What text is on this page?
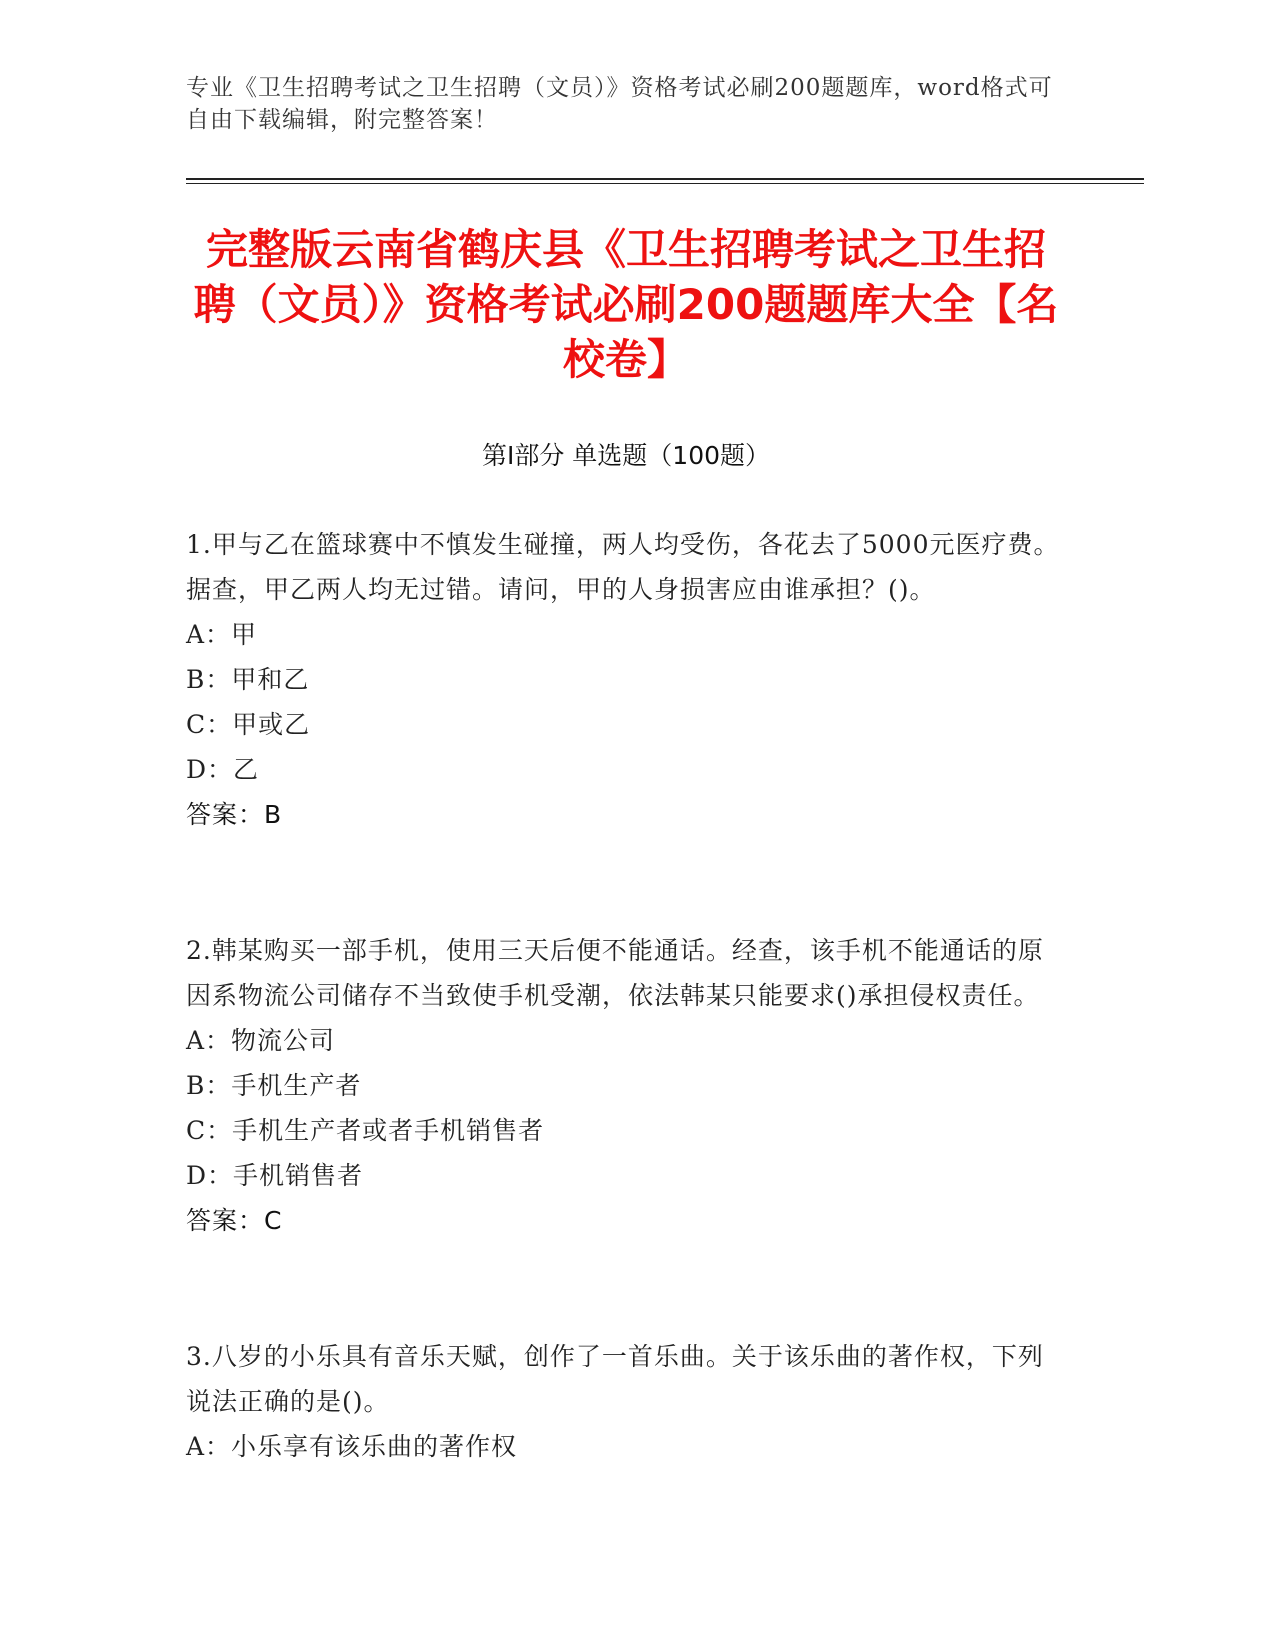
专业《卫生招聘考试之卫生招聘（文员）》资格考试必刷200题题库，word格式可自由下载编辑，附完整答案！
完整版云南省鹤庆县《卫生招聘考试之卫生招聘（文员）》资格考试必刷200题题库大全【名校卷】
第I部分 单选题（100题）
1.甲与乙在篮球赛中不慎发生碰撞，两人均受伤，各花去了5000元医疗费。据查，甲乙两人均无过错。请问，甲的人身损害应由谁承担？()。
A：甲
B：甲和乙
C：甲或乙
D：乙
答案：B
2.韩某购买一部手机，使用三天后便不能通话。经查，该手机不能通话的原因系物流公司储存不当致使手机受潮，依法韩某只能要求()承担侵权责任。
A：物流公司
B：手机生产者
C：手机生产者或者手机销售者
D：手机销售者
答案：C
3.八岁的小乐具有音乐天赋，创作了一首乐曲。关于该乐曲的著作权，下列说法正确的是()。
A：小乐享有该乐曲的著作权
